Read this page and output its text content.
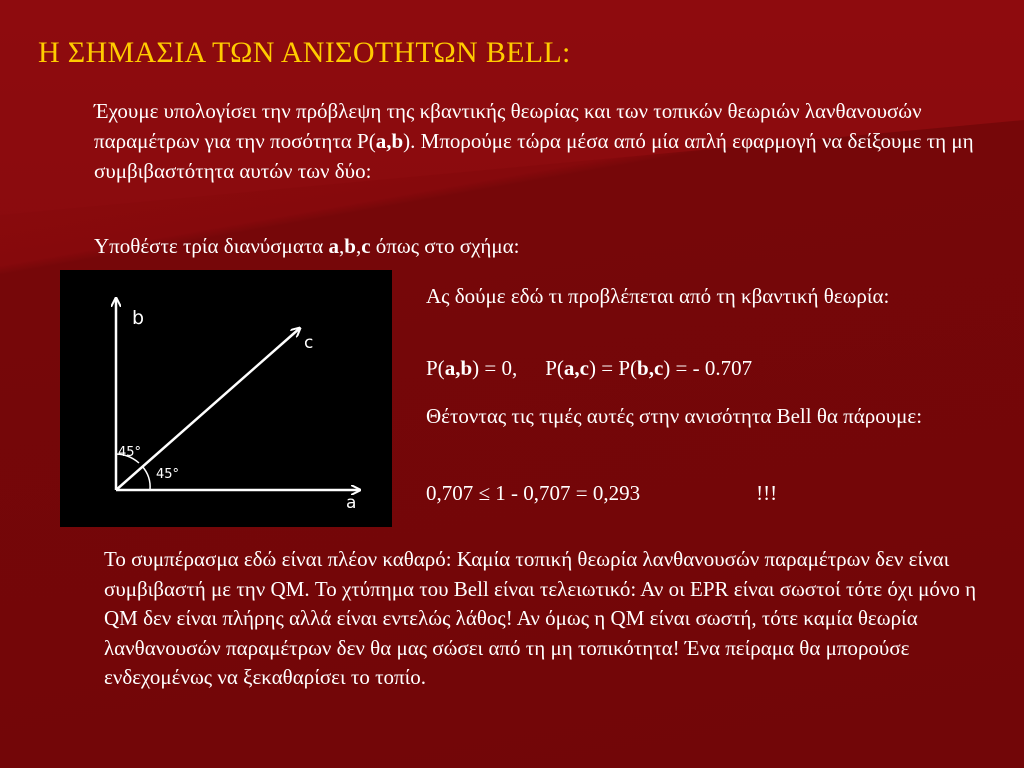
Η ΣΗΜΑΣΙΑ ΤΩΝ ΑΝΙΣΟΤΗΤΩΝ BELL:

Έχουμε υπολογίσει την πρόβλεψη της κβαντικής θεωρίας και των τοπικών θεωριών λανθανουσών παραμέτρων για την ποσότητα P(a,b). Μπορούμε τώρα μέσα από μία απλή εφαρμογή να δείξουμε τη μη συμβιβαστότητα αυτών των δύο:

Υποθέστε τρία διανύσματα a,b,c όπως στο σχήμα:

b
c
a
45°
45°

Ας δούμε εδώ τι προβλέπεται από τη κβαντική θεωρία:

P(a,b) = 0, P(a,c) = P(b,c) = - 0.707

Θέτοντας τις τιμές αυτές στην ανισότητα Bell θα πάρουμε:

0,707 ≤ 1 - 0,707 = 0,293	!!!

Το συμπέρασμα εδώ είναι πλέον καθαρό: Καμία τοπική θεωρία λανθανουσών παραμέτρων δεν είναι συμβιβαστή με την QM. Το χτύπημα του Bell είναι τελειωτικό: Αν οι EPR είναι σωστοί τότε όχι μόνο η QM δεν είναι πλήρης αλλά είναι εντελώς λάθος! Αν όμως η QM είναι σωστή, τότε καμία θεωρία λανθανουσών παραμέτρων δεν θα μας σώσει από τη μη τοπικότητα! Ένα πείραμα θα μπορούσε ενδεχομένως να ξεκαθαρίσει το τοπίο.
